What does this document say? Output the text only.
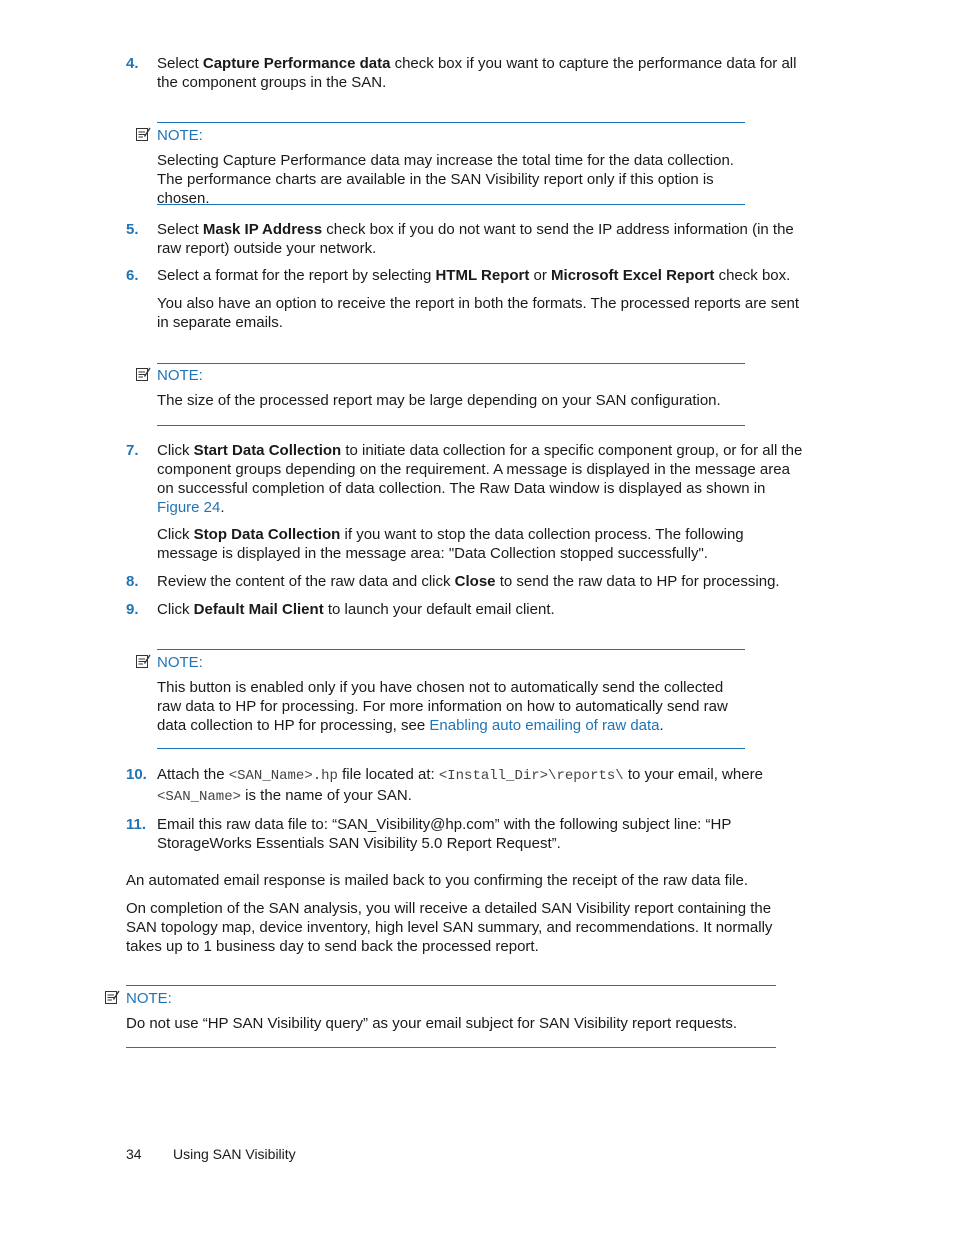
4. Select Capture Performance data check box if you want to capture the performance data for all the component groups in the SAN.
NOTE:
Selecting Capture Performance data may increase the total time for the data collection. The performance charts are available in the SAN Visibility report only if this option is chosen.
5. Select Mask IP Address check box if you do not want to send the IP address information (in the raw report) outside your network.
6. Select a format for the report by selecting HTML Report or Microsoft Excel Report check box.
You also have an option to receive the report in both the formats. The processed reports are sent in separate emails.
NOTE:
The size of the processed report may be large depending on your SAN configuration.
7. Click Start Data Collection to initiate data collection for a specific component group, or for all the component groups depending on the requirement. A message is displayed in the message area on successful completion of data collection. The Raw Data window is displayed as shown in Figure 24.
Click Stop Data Collection if you want to stop the data collection process. The following message is displayed in the message area: "Data Collection stopped successfully".
8. Review the content of the raw data and click Close to send the raw data to HP for processing.
9. Click Default Mail Client to launch your default email client.
NOTE:
This button is enabled only if you have chosen not to automatically send the collected raw data to HP for processing. For more information on how to automatically send raw data collection to HP for processing, see Enabling auto emailing of raw data.
10. Attach the <SAN_Name>.hp file located at: <Install_Dir>\reports\ to your email, where <SAN_Name> is the name of your SAN.
11. Email this raw data file to: “SAN_Visibility@hp.com” with the following subject line: “HP StorageWorks Essentials SAN Visibility 5.0 Report Request”.
An automated email response is mailed back to you confirming the receipt of the raw data file.
On completion of the SAN analysis, you will receive a detailed SAN Visibility report containing the SAN topology map, device inventory, high level SAN summary, and recommendations. It normally takes up to 1 business day to send back the processed report.
NOTE:
Do not use “HP SAN Visibility query” as your email subject for SAN Visibility report requests.
34 Using SAN Visibility
